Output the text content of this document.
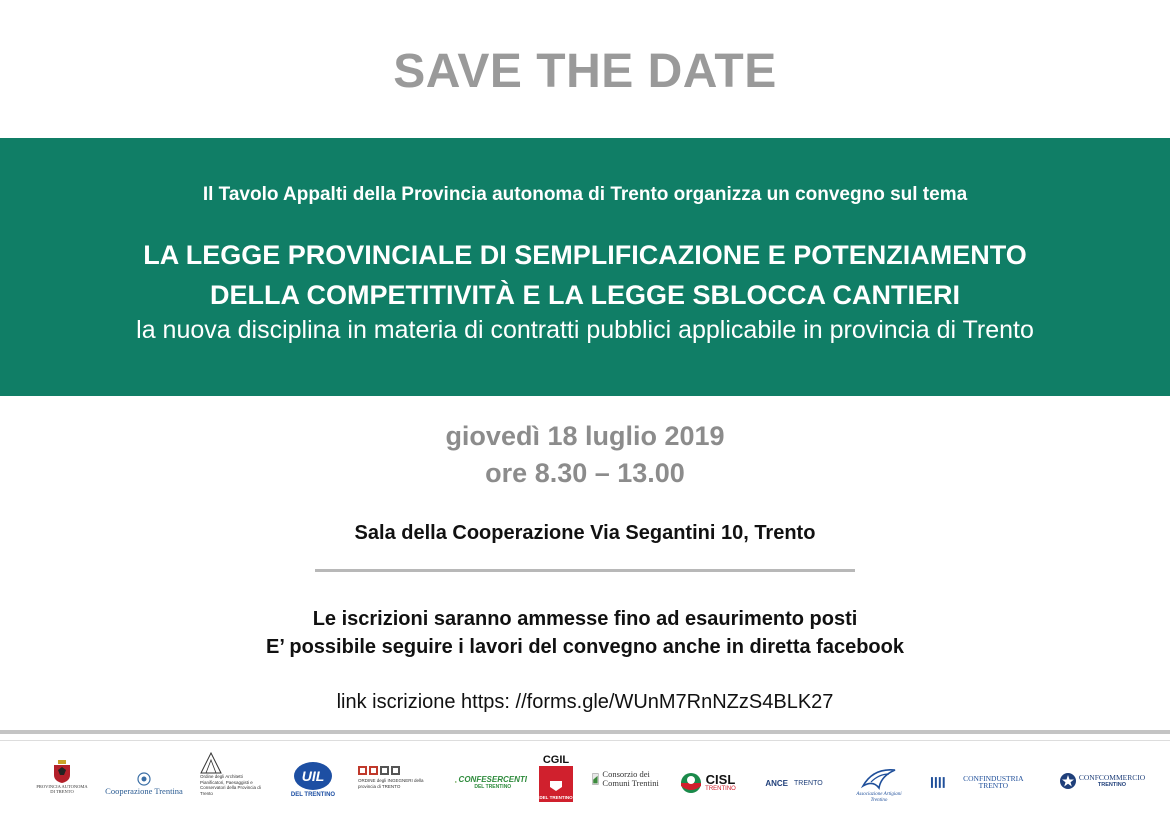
SAVE THE DATE
Il Tavolo Appalti della Provincia autonoma di Trento organizza un convegno sul tema
LA LEGGE PROVINCIALE DI SEMPLIFICAZIONE E POTENZIAMENTO
DELLA COMPETITIVITÀ E LA LEGGE SBLOCCA CANTIERI
la nuova disciplina in materia di contratti pubblici applicabile in provincia di Trento
giovedì 18 luglio 2019
ore 8.30 – 13.00
Sala della Cooperazione Via Segantini 10, Trento
Le iscrizioni saranno ammesse fino ad esaurimento posti
E’ possibile seguire i lavori del convegno anche in diretta facebook
link iscrizione https: //forms.gle/WUnM7RnNZzS4BLK27
PROVINCIA AUTONOMA DI TRENTO	Cooperazione Trentina
Ordine degli Architetti Pianificatori, Paesaggisti e Conservatori della Provincia di Trento
UIL
DEL TRENTINO
ORDINE degli INGEGNERI della provincia di TRENTO
CONFESERCENTI
DEL TRENTINO
CGIL
DEL TRENTINO
Consorzio dei Comuni Trentini	CISL
TRENTINO
ANCE TRENTO
Associazione Artigiani Trentino
CONFINDUSTRIA TRENTO
CONFCOMMERCIO
TRENTINO
